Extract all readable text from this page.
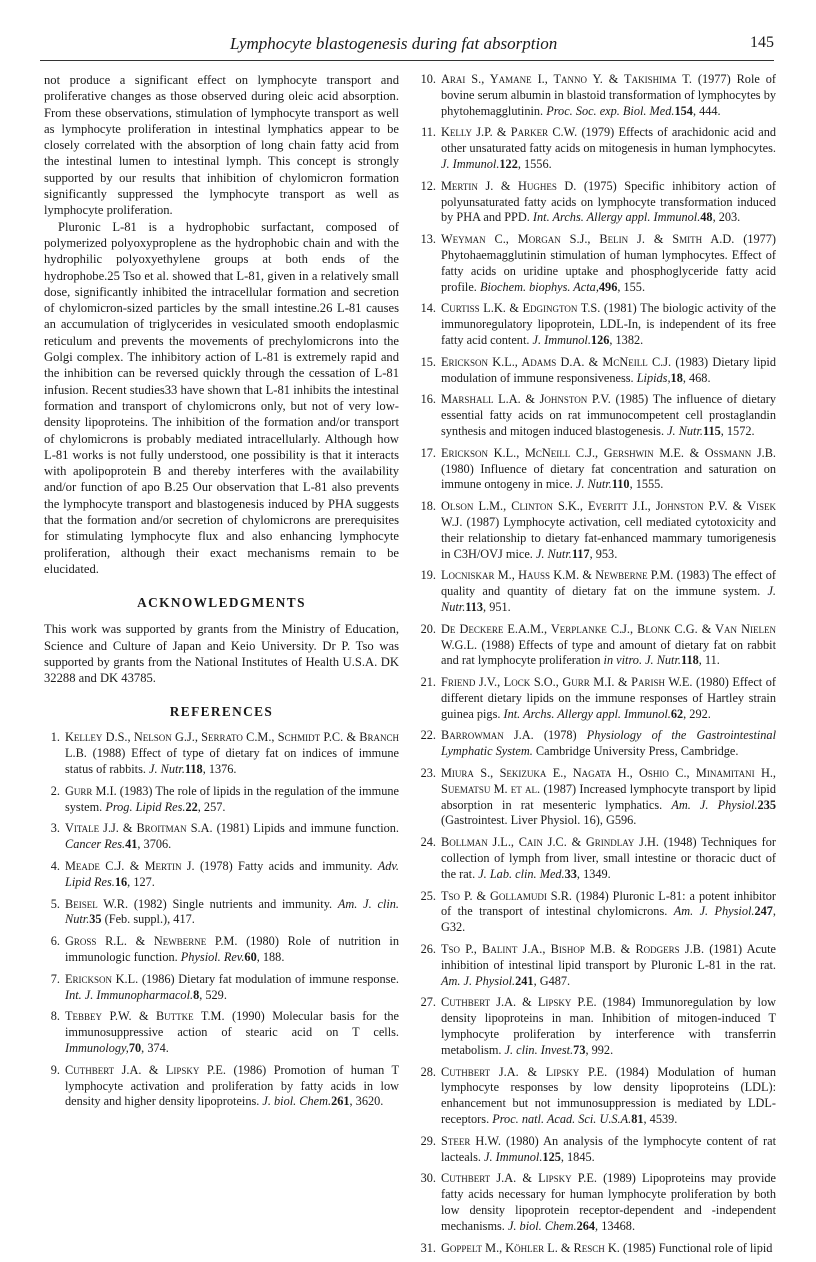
Lymphocyte blastogenesis during fat absorption	145

not produce a significant effect on lymphocyte transport and proliferative changes as those observed during oleic acid absorption. From these observations, stimulation of lymphocyte transport as well as lymphocyte proliferation in intestinal lymphatics appear to be closely correlated with the absorption of long chain fatty acid from the intestinal lumen to intestinal lymph. This concept is strongly supported by our results that inhibition of chylomicron formation significantly suppressed the lymphocyte transport as well as lymphocyte proliferation.

Pluronic L-81 is a hydrophobic surfactant, composed of polymerized polyoxyproplene as the hydrophobic chain and with the hydrophilic polyoxyethylene groups at both ends of the hydrophobe.25 Tso et al. showed that L-81, given in a relatively small dose, significantly inhibited the intracellular formation and secretion of chylomicron-sized particles by the small intestine.26 L-81 causes an accumulation of triglycerides in vesiculated smooth endoplasmic reticulum and prevents the movements of prechylomicrons into the Golgi complex. The inhibitory action of L-81 is extremely rapid and the inhibition can be reversed quickly through the cessation of L-81 infusion. Recent studies33 have shown that L-81 inhibits the intestinal formation and transport of chylomicrons only, but not of very low-density lipoproteins. The inhibition of the formation and/or transport of chylomicrons is probably mediated intracellularly. Although how L-81 works is not fully understood, one possibility is that it interacts with apolipoprotein B and thereby interferes with the availability and/or function of apo B.25 Our observation that L-81 also prevents the lymphocyte transport and blastogenesis induced by PHA suggests that the formation and/or secretion of chylomicrons are prerequisites for stimulating lymphocyte flux and also enhancing lymphocyte proliferation, although their exact mechanisms remain to be elucidated.

ACKNOWLEDGMENTS

This work was supported by grants from the Ministry of Education, Science and Culture of Japan and Keio University. Dr P. Tso was supported by grants from the National Institutes of Health U.S.A. DK 32288 and DK 43785.

REFERENCES
1. Kelley D.S., Nelson G.J., Serrato C.M., Schmidt P.C. & Branch L.B. (1988) Effect of type of dietary fat on indices of immune status of rabbits. J. Nutr.118, 1376.
2. Gurr M.I. (1983) The role of lipids in the regulation of the immune system. Prog. Lipid Res.22, 257.
3. Vitale J.J. & Broitman S.A. (1981) Lipids and immune function. Cancer Res.41, 3706.
4. Meade C.J. & Mertin J. (1978) Fatty acids and immunity. Adv. Lipid Res.16, 127.
5. Beisel W.R. (1982) Single nutrients and immunity. Am. J. clin. Nutr.35 (Feb. suppl.), 417.
6. Gross R.L. & Newberne P.M. (1980) Role of nutrition in immunologic function. Physiol. Rev.60, 188.
7. Erickson K.L. (1986) Dietary fat modulation of immune response. Int. J. Immunopharmacol.8, 529.
8. Tebbey P.W. & Buttke T.M. (1990) Molecular basis for the immunosuppressive action of stearic acid on T cells. Immunology,70, 374.
9. Cuthbert J.A. & Lipsky P.E. (1986) Promotion of human T lymphocyte activation and proliferation by fatty acids in low density and higher density lipoproteins. J. biol. Chem.261, 3620.
10. Arai S., Yamane I., Tanno Y. & Takishima T. (1977) Role of bovine serum albumin in blastoid transformation of lymphocytes by phytohemagglutinin. Proc. Soc. exp. Biol. Med.154, 444.
11. Kelly J.P. & Parker C.W. (1979) Effects of arachidonic acid and other unsaturated fatty acids on mitogenesis in human lymphocytes. J. Immunol.122, 1556.
12. Mertin J. & Hughes D. (1975) Specific inhibitory action of polyunsaturated fatty acids on lymphocyte transformation induced by PHA and PPD. Int. Archs. Allergy appl. Immunol.48, 203.
13. Weyman C., Morgan S.J., Belin J. & Smith A.D. (1977) Phytohaemagglutinin stimulation of human lymphocytes. Effect of fatty acids on uridine uptake and phosphoglyceride fatty acid profile. Biochem. biophys. Acta,496, 155.
14. Curtiss L.K. & Edgington T.S. (1981) The biologic activity of the immunoregulatory lipoprotein, LDL-In, is independent of its free fatty acid content. J. Immunol.126, 1382.
15. Erickson K.L., Adams D.A. & McNeill C.J. (1983) Dietary lipid modulation of immune responsiveness. Lipids,18, 468.
16. Marshall L.A. & Johnston P.V. (1985) The influence of dietary essential fatty acids on rat immunocompetent cell prostaglandin synthesis and mitogen induced blastogenesis. J. Nutr.115, 1572.
17. Erickson K.L., McNeill C.J., Gershwin M.E. & Ossmann J.B. (1980) Influence of dietary fat concentration and saturation on immune ontogeny in mice. J. Nutr.110, 1555.
18. Olson L.M., Clinton S.K., Everitt J.I., Johnston P.V. & Visek W.J. (1987) Lymphocyte activation, cell mediated cytotoxicity and their relationship to dietary fat-enhanced mammary tumorigenesis in C3H/OVJ mice. J. Nutr.117, 953.
19. Locniskar M., Hauss K.M. & Newberne P.M. (1983) The effect of quality and quantity of dietary fat on the immune system. J. Nutr.113, 951.
20. De Deckere E.A.M., Verplanke C.J., Blonk C.G. & Van Nielen W.G.L. (1988) Effects of type and amount of dietary fat on rabbit and rat lymphocyte proliferation in vitro. J. Nutr.118, 11.
21. Friend J.V., Lock S.O., Gurr M.I. & Parish W.E. (1980) Effect of different dietary lipids on the immune responses of Hartley strain guinea pigs. Int. Archs. Allergy appl. Immunol.62, 292.
22. Barrowman J.A. (1978) Physiology of the Gastrointestinal Lymphatic System. Cambridge University Press, Cambridge.
23. Miura S., Sekizuka E., Nagata H., Oshio C., Minamitani H., Suematsu M. et al. (1987) Increased lymphocyte transport by lipid absorption in rat mesenteric lymphatics. Am. J. Physiol.235 (Gastrointest. Liver Physiol. 16), G596.
24. Bollman J.L., Cain J.C. & Grindlay J.H. (1948) Techniques for collection of lymph from liver, small intestine or thoracic duct of the rat. J. Lab. clin. Med.33, 1349.
25. Tso P. & Gollamudi S.R. (1984) Pluronic L-81: a potent inhibitor of the transport of intestinal chylomicrons. Am. J. Physiol.247, G32.
26. Tso P., Balint J.A., Bishop M.B. & Rodgers J.B. (1981) Acute inhibition of intestinal lipid transport by Pluronic L-81 in the rat. Am. J. Physiol.241, G487.
27. Cuthbert J.A. & Lipsky P.E. (1984) Immunoregulation by low density lipoproteins in man. Inhibition of mitogen-induced T lymphocyte proliferation by interference with transferrin metabolism. J. clin. Invest.73, 992.
28. Cuthbert J.A. & Lipsky P.E. (1984) Modulation of human lymphocyte responses by low density lipoproteins (LDL): enhancement but not immunosuppression is mediated by LDL-receptors. Proc. natl. Acad. Sci. U.S.A.81, 4539.
29. Steer H.W. (1980) An analysis of the lymphocyte content of rat lacteals. J. Immunol.125, 1845.
30. Cuthbert J.A. & Lipsky P.E. (1989) Lipoproteins may provide fatty acids necessary for human lymphocyte proliferation by both low density lipoprotein receptor-dependent and -independent mechanisms. J. biol. Chem.264, 13468.
31. Goppelt M., Köhler L. & Resch K. (1985) Functional role of lipid
